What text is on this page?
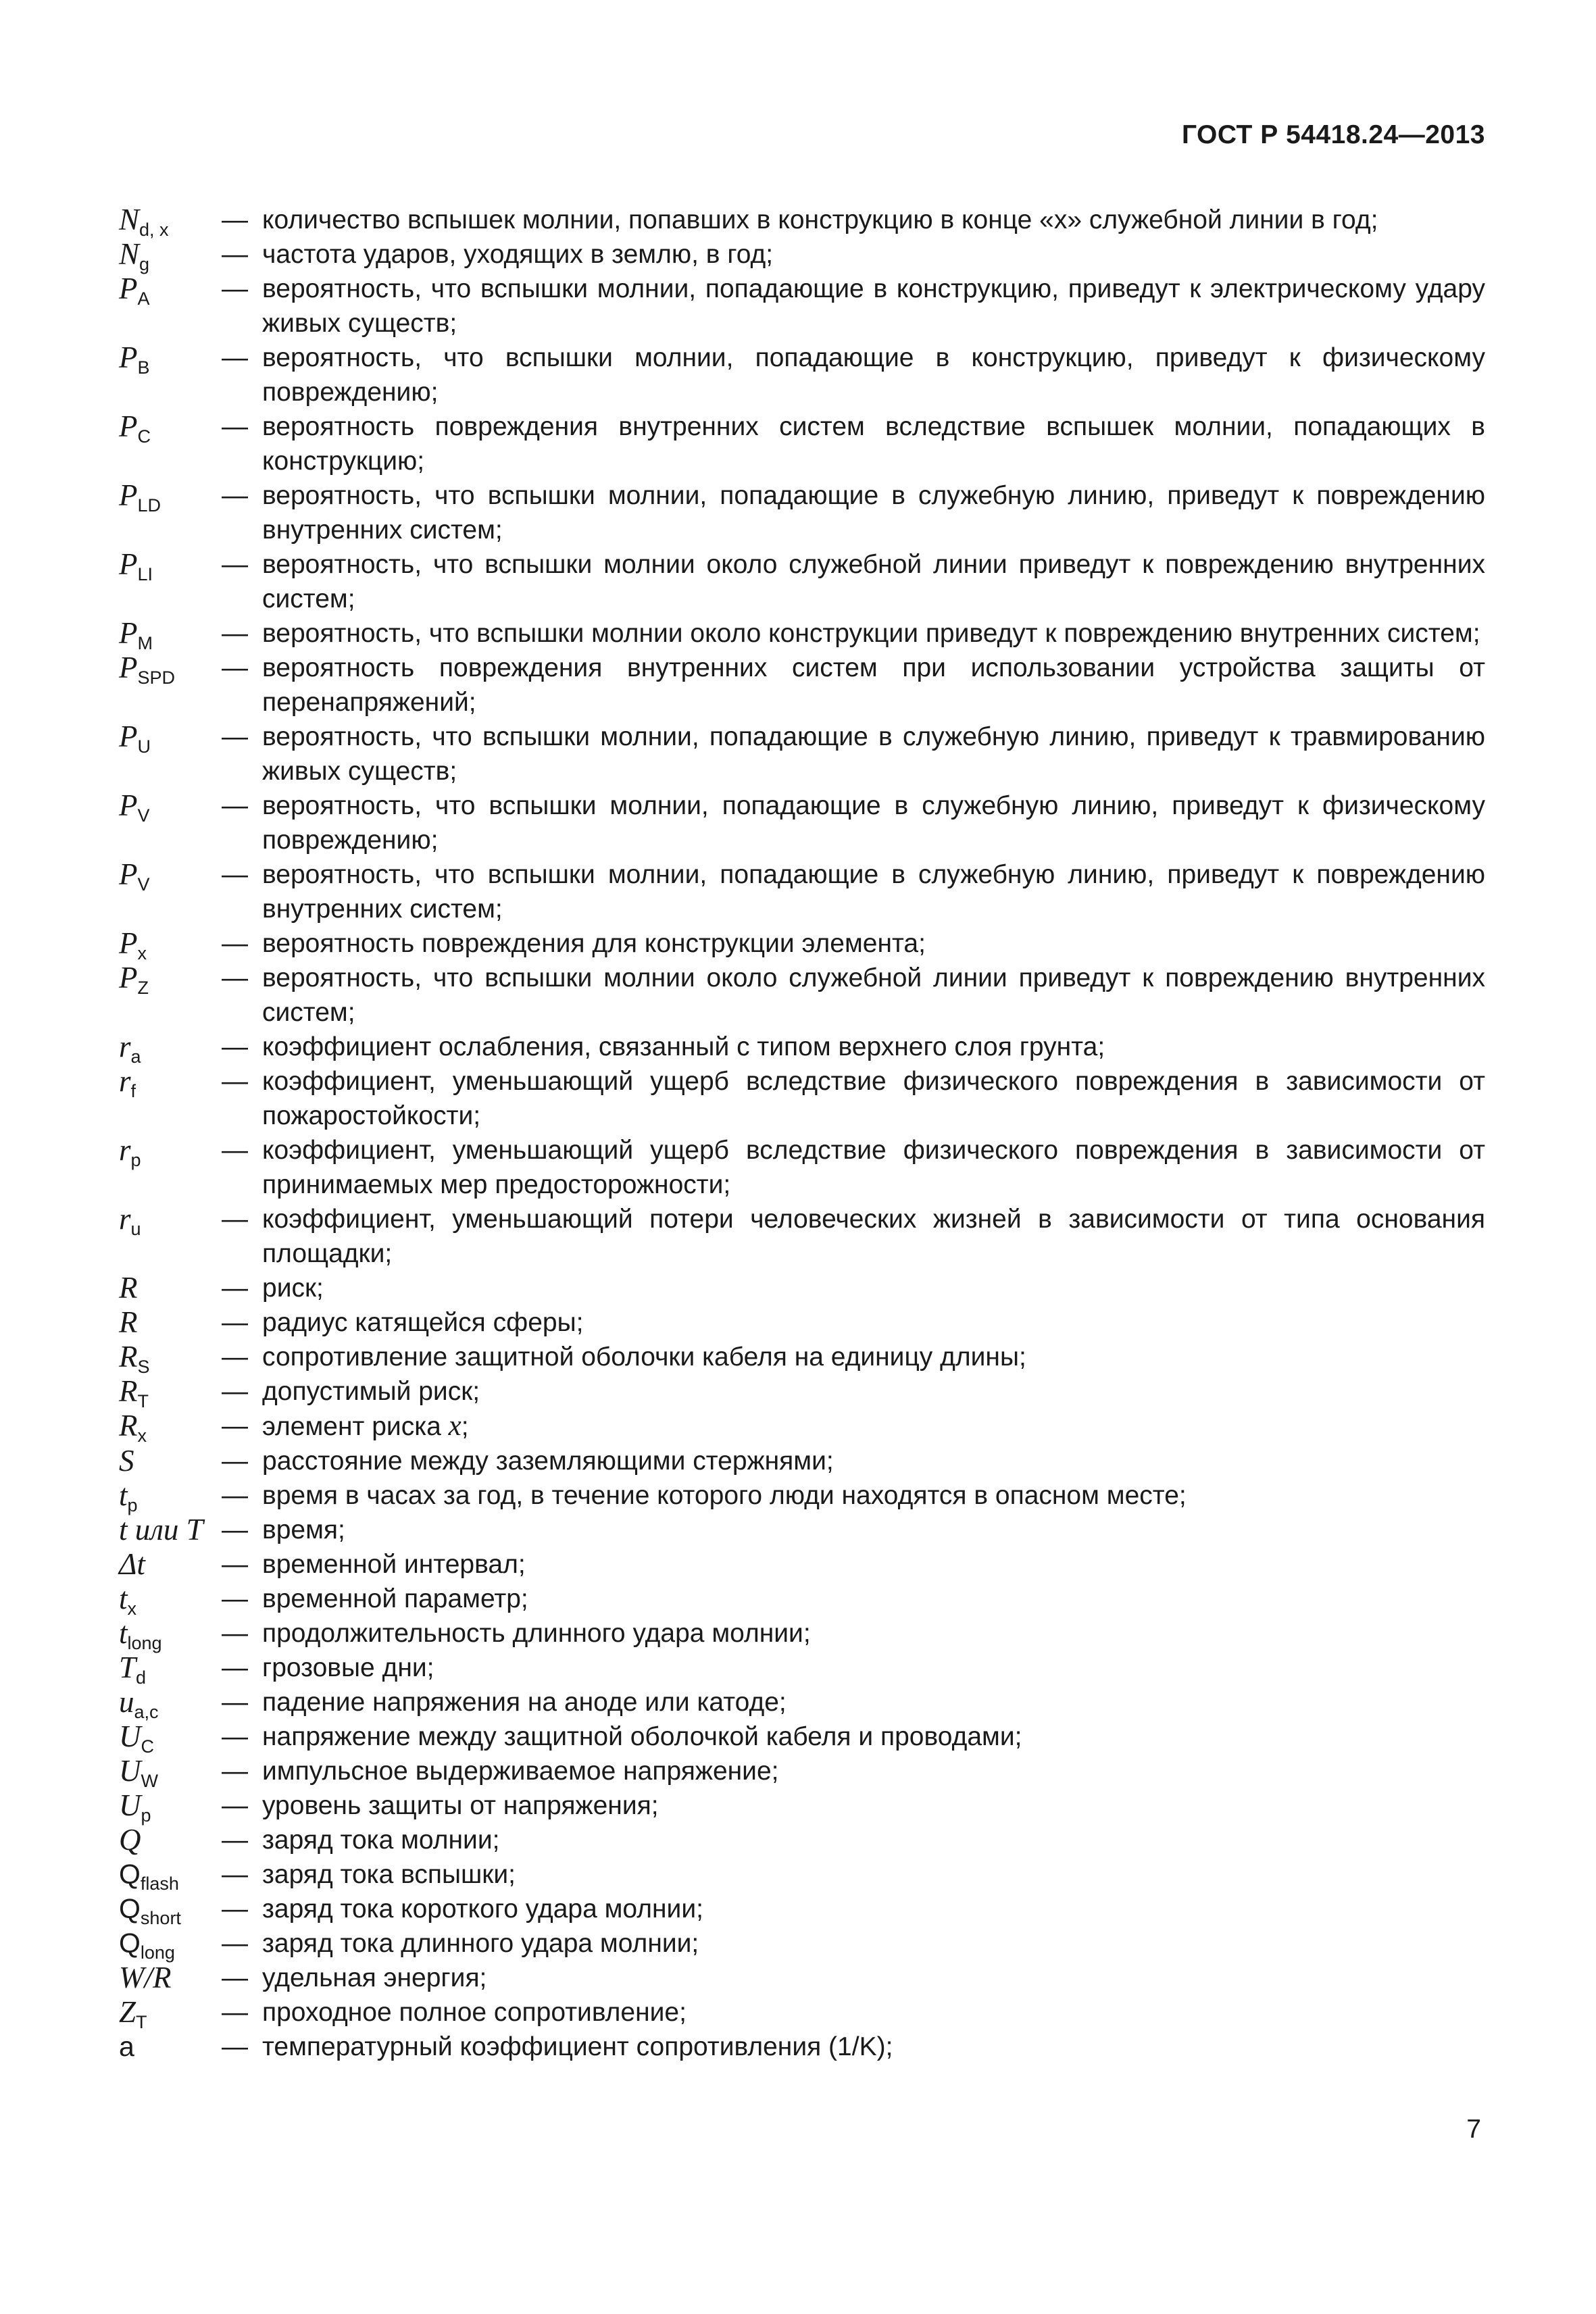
ГОСТ Р 54418.24—2013
$N_{d, x}$	— количество вспышек молнии, попавших в конструкцию в конце «х» служебной линии в год;
$N_g$	— частота ударов, уходящих в землю, в год;
$P_A$	— вероятность, что вспышки молнии, попадающие в конструкцию, приведут к электрическому удару живых существ;
$P_B$	— вероятность, что вспышки молнии, попадающие в конструкцию, приведут к физическому повреждению;
$P_C$	— вероятность повреждения внутренних систем вследствие вспышек молнии, попадающих в конструкцию;
$P_{LD}$	— вероятность, что вспышки молнии, попадающие в служебную линию, приведут к повреждению внутренних систем;
$P_{LI}$	— вероятность, что вспышки молнии около служебной линии приведут к повреждению внутренних систем;
$P_M$	— вероятность, что вспышки молнии около конструкции приведут к повреждению внутренних систем;
$P_{SPD}$	— вероятность повреждения внутренних систем при использовании устройства защиты от перенапряжений;
$P_U$	— вероятность, что вспышки молнии, попадающие в служебную линию, приведут к травмированию живых существ;
$P_V$	— вероятность, что вспышки молнии, попадающие в служебную линию, приведут к физическому повреждению;
$P_V$	— вероятность, что вспышки молнии, попадающие в служебную линию, приведут к повреждению внутренних систем;
$P_x$	— вероятность повреждения для конструкции элемента;
$P_Z$	— вероятность, что вспышки молнии около служебной линии приведут к повреждению внутренних систем;
$r_a$	— коэффициент ослабления, связанный с типом верхнего слоя грунта;
$r_f$	— коэффициент, уменьшающий ущерб вследствие физического повреждения в зависимости от пожаростойкости;
$r_p$	— коэффициент, уменьшающий ущерб вследствие физического повреждения в зависимости от принимаемых мер предосторожности;
$r_u$	— коэффициент, уменьшающий потери человеческих жизней в зависимости от типа основания площадки;
R	— риск;
R	— радиус катящейся сферы;
$R_S$	— сопротивление защитной оболочки кабеля на единицу длины;
$R_T$	— допустимый риск;
$R_x$	— элемент риска x;
S	— расстояние между заземляющими стержнями;
$t_p$	— время в часах за год, в течение которого люди находятся в опасном месте;
t или T — время;
Δt	— временной интервал;
$t_x$	— временной параметр;
$t_{long}$	— продолжительность длинного удара молнии;
$T_d$	— грозовые дни;
$u_{a,c}$	— падение напряжения на аноде или катоде;
$U_C$	— напряжение между защитной оболочкой кабеля и проводами;
$U_W$	— импульсное выдерживаемое напряжение;
$U_p$	— уровень защиты от напряжения;
Q	— заряд тока молнии;
$Q_{flash}$	— заряд тока вспышки;
$Q_{short}$	— заряд тока короткого удара молнии;
$Q_{long}$	— заряд тока длинного удара молнии;
W/R	— удельная энергия;
$Z_T$	— проходное полное сопротивление;
a	— температурный коэффициент сопротивления (1/K);
7
